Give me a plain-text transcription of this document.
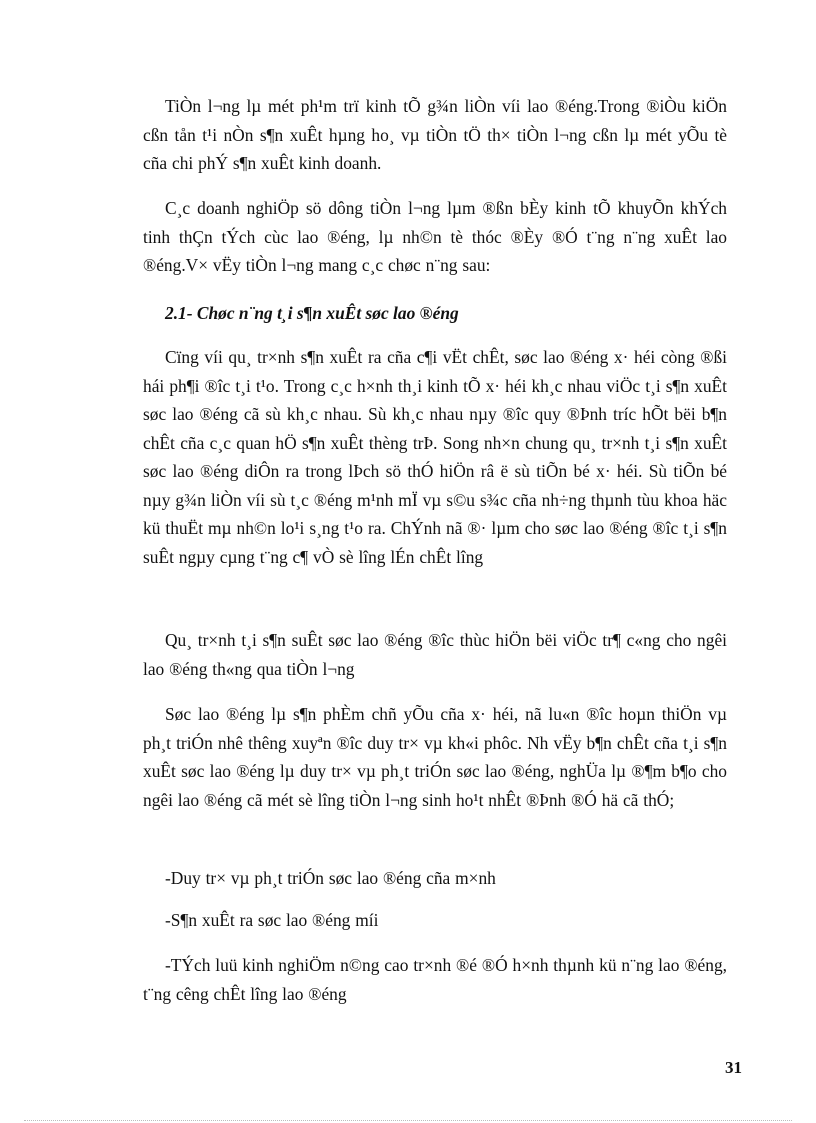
TiÒn l¬ng lµ mét ph¹m trï kinh tÕ g¾n liÒn víi lao ®éng.Trong ®iÒu kiÖn cßn tån t¹i nÒn s¶n xuÊt hµng ho¸ vµ tiÒn tÖ th× tiÒn l¬ng cßn lµ mét yÕu tè cña chi phÝ s¶n xuÊt kinh doanh.

C¸c doanh nghiÖp sö dông tiÒn l¬ng lµm ®ßn bÈy kinh tÕ khuyÕn khÝch tinh thÇn tÝch cùc lao ®éng, lµ nh©n tè thóc ®Èy ®Ó t¨ng n¨ng xuÊt lao ®éng.V× vËy tiÒn l¬ng mang c¸c chøc n¨ng sau:

2.1- Chøc n¨ng t¸i s¶n xuÊt søc lao ®éng

Cïng víi qu¸ tr×nh s¶n xuÊt ra cña c¶i vËt chÊt, søc lao ®éng x· héi còng ®ßi hái ph¶i ®îc t¸i t¹o. Trong c¸c h×nh th¸i kinh tÕ x· héi kh¸c nhau viÖc t¸i s¶n xuÊt søc lao ®éng cã sù kh¸c nhau. Sù kh¸c nhau nµy ®îc quy ®Þnh tríc hÕt bëi b¶n chÊt cña c¸c quan hÖ s¶n xuÊt thèng trÞ. Song nh×n chung qu¸ tr×nh t¸i s¶n xuÊt søc lao ®éng diÔn ra trong lÞch sö thÓ hiÖn râ ë sù tiÕn bé x· héi. Sù tiÕn bé nµy g¾n liÒn víi sù t¸c ®éng m¹nh mÏ vµ s©u s¾c cña nh÷ng thµnh tùu khoa häc kü thuËt mµ nh©n lo¹i s¸ng t¹o ra. ChÝnh nã ®· lµm cho søc lao ®éng ®îc t¸i s¶n suÊt ngµy cµng t¨ng c¶ vÒ sè lîng lÉn chÊt lîng

Qu¸ tr×nh t¸i s¶n suÊt søc lao ®éng ®îc thùc hiÖn bëi viÖc tr¶ c«ng cho ngêi lao ®éng th«ng qua tiÒn l¬ng

Søc lao ®éng lµ s¶n phÈm chñ yÕu cña x· héi, nã lu«n ®îc hoµn thiÖn vµ ph¸t triÓn nhê thêng xuyªn ®îc duy tr× vµ kh«i phôc. Nh vËy b¶n chÊt cña t¸i s¶n xuÊt søc lao ®éng lµ duy tr× vµ ph¸t triÓn søc lao ®éng, nghÜa lµ ®¶m b¶o cho ngêi lao ®éng cã mét sè lîng tiÒn l¬ng sinh ho¹t nhÊt ®Þnh ®Ó hä cã thÓ;

-Duy tr× vµ ph¸t triÓn søc lao ®éng cña m×nh

-S¶n xuÊt ra søc lao ®éng míi

-TÝch luü kinh nghiÖm n©ng cao tr×nh ®é ®Ó h×nh thµnh kü n¨ng lao ®éng, t¨ng cêng chÊt lîng lao ®éng

31
